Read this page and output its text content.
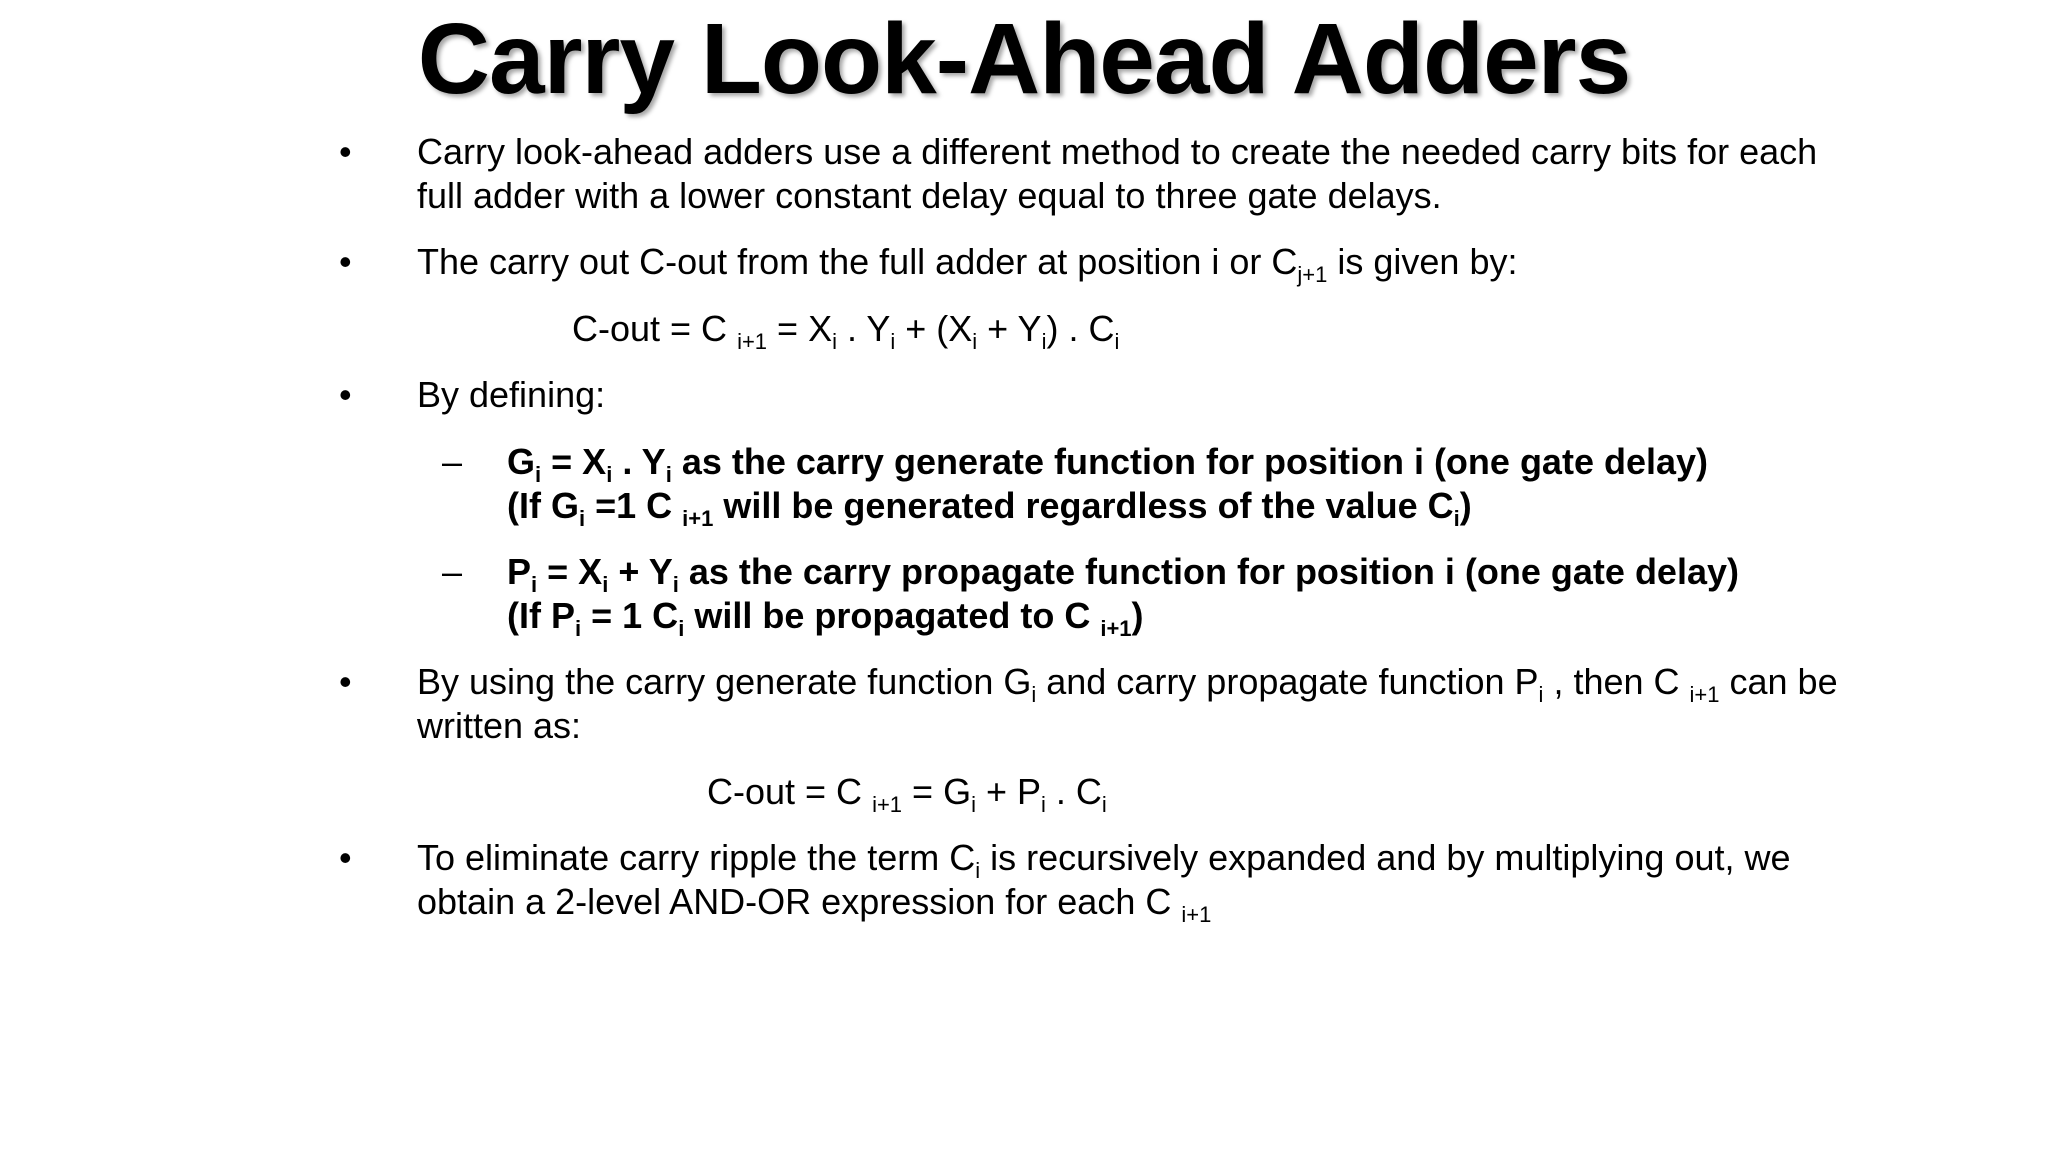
Carry Look-Ahead Adders
• Carry look-ahead adders use a different method to create the needed carry bits for each
full adder with a lower constant delay equal to three gate delays.
• The carry out C-out from the full adder at position i or $C_{j+1}$ is given by:
C-out = C $_{i+1} = X_i$ . $Y_i + (X_i + Y_i)$ . $C_i$
• By defining:
– $G_i = X_i$ . $Y_i$ as the carry generate function for position i (one gate delay)
(If $G_i =1$ C $_{i+1}$ will be generated regardless of the value $C_i$)
– $P_i = X_i + Y_i$ as the carry propagate function for position i (one gate delay)
(If $P_i = 1$ $C_i$ will be propagated to C $_{i+1}$)
• By using the carry generate function $G_i$ and carry propagate function $P_i$ , then C $_{i+1}$ can be
written as:
C-out = C $_{i+1} = G_i + P_i$ . $C_i$
• To eliminate carry ripple the term $C_i$ is recursively expanded and by multiplying out, we
obtain a 2-level AND-OR expression for each C $_{i+1}$
